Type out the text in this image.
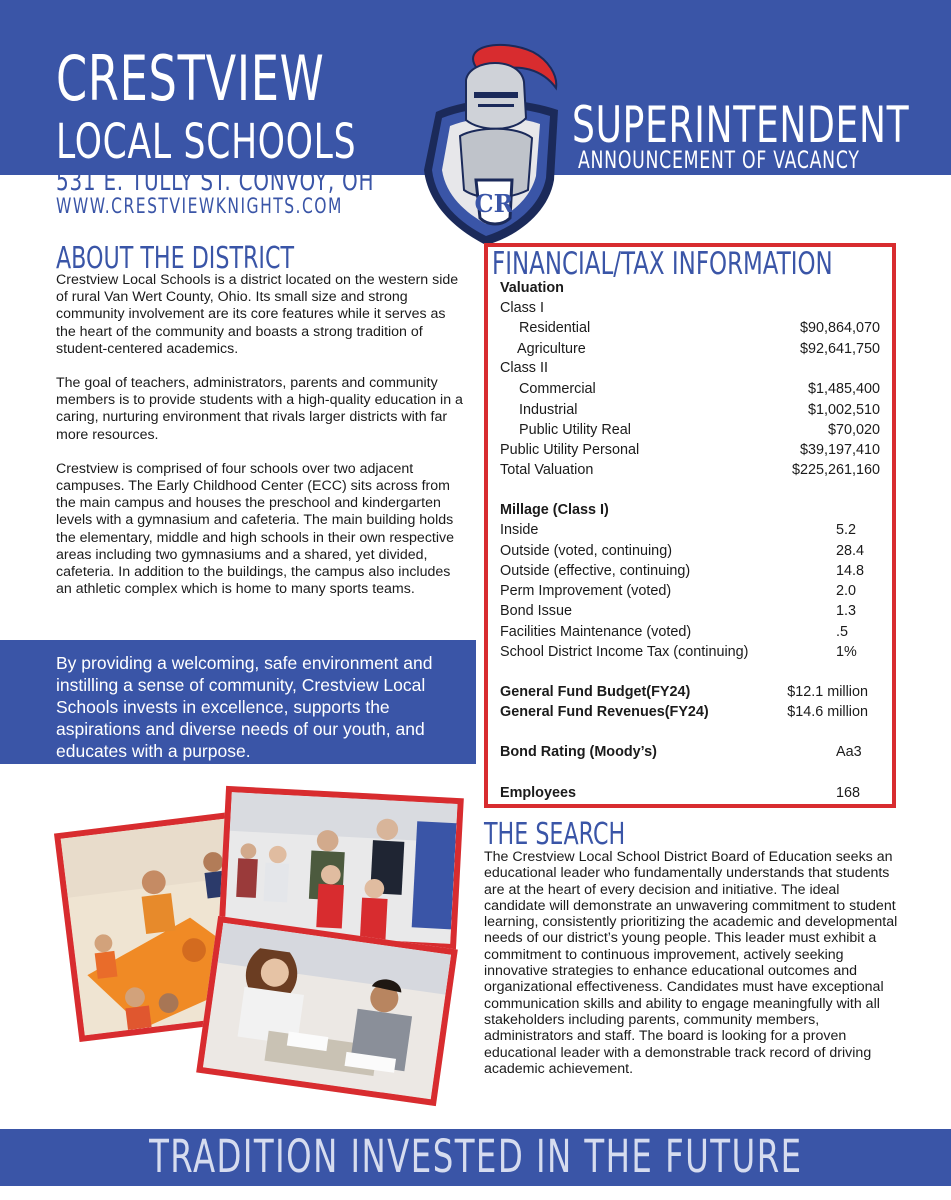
CRESTVIEW
LOCAL SCHOOLS
531 E. TULLY ST. CONVOY, OH
WWW.CRESTVIEWKNIGHTS.COM	CR
SUPERINTENDENT
ANNOUNCEMENT OF VACANCY
ABOUT THE DISTRICT

Crestview Local Schools is a district located on the western side of rural Van Wert County, Ohio. Its small size and strong community involvement are its core features while it serves as the heart of the community and boasts a strong tradition of student-centered academics.

The goal of teachers, administrators, parents and community members is to provide students with a high-quality education in a caring, nurturing environment that rivals larger districts with far more resources.

Crestview is comprised of four schools over two adjacent campuses. The Early Childhood Center (ECC) sits across from the main campus and houses the preschool and kindergarten levels with a gymnasium and cafeteria. The main building holds the elementary, middle and high schools in their own respective areas including two gymnasiums and a shared, yet divided, cafeteria. In addition to the buildings, the campus also includes an athletic complex which is home to many sports teams.

By providing a welcoming, safe environment and instilling a sense of community, Crestview Local Schools invests in excellence, supports the aspirations and diverse needs of our youth, and educates with a purpose.
FINANCIAL/TAX INFORMATION
Valuation
Class I
Residential	$90,864,070
Agriculture	$92,641,750
Class II
Commercial	$1,485,400
Industrial	$1,002,510
Public Utility Real	$70,020
Public Utility Personal	$39,197,410
Total Valuation	$225,261,160
Millage (Class I)
Inside	5.2
Outside (voted, continuing)	28.4
Outside (effective, continuing)	14.8
Perm Improvement (voted)	2.0
Bond Issue	1.3
Facilities Maintenance (voted)	.5
School District Income Tax (continuing)	1%
General Fund Budget(FY24)	$12.1 million
General Fund Revenues(FY24)	$14.6 million
Bond Rating (Moody’s)	Aa3
Employees	168
THE SEARCH
The Crestview Local School District Board of Education seeks an educational leader who fundamentally understands that students are at the heart of every decision and initiative. The ideal candidate will demonstrate an unwavering commitment to student learning, consistently prioritizing the academic and developmental needs of our district’s young people. This leader must exhibit a commitment to continuous improvement, actively seeking innovative strategies to enhance educational outcomes and organizational effectiveness. Candidates must have exceptional communication skills and ability to engage meaningfully with all stakeholders including parents, community members, administrators and staff. The board is looking for a proven educational leader with a demonstrable track record of driving academic achievement.
TRADITION INVESTED IN THE FUTURE
